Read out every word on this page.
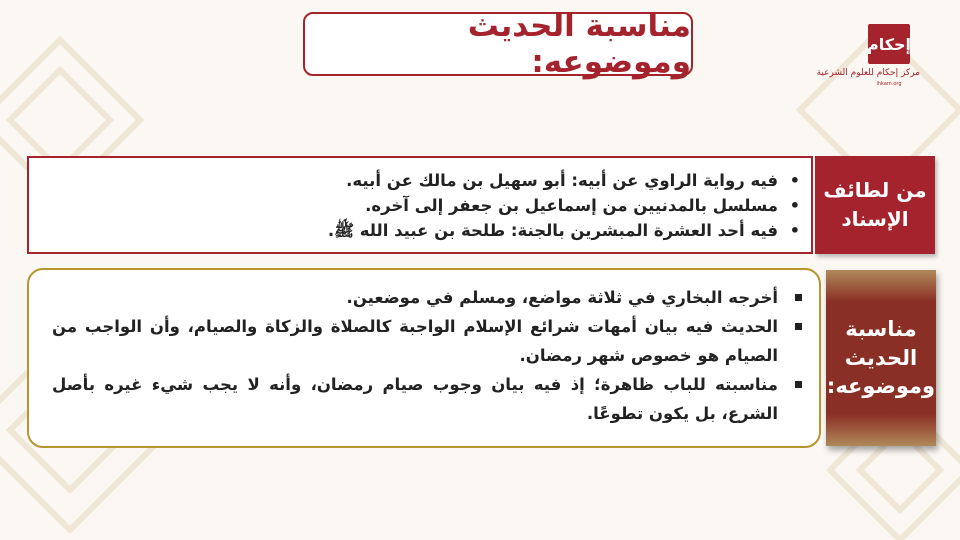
مناسبة الحديث وموضوعه:	إحكام
مركز إحكام للعلوم الشرعية
ihkam.org
• فيه رواية الراوي عن أبيه: أبو سهيل بن مالك عن أبيه.
• مسلسل بالمدنيين من إسماعيل بن جعفر إلى آخره.
• فيه أحد العشرة المبشرين بالجنة: طلحة بن عبيد الله ﷺ.
من لطائف
الإسناد
أخرجه البخاري في ثلاثة مواضع، ومسلم في موضعين.
الحديث فيه بيان أمهات شرائع الإسلام الواجبة كالصلاة والزكاة والصيام، وأن الواجب من الصيام هو خصوص شهر رمضان.
مناسبته للباب ظاهرة؛ إذ فيه بيان وجوب صيام رمضان، وأنه لا يجب شيء غيره بأصل الشرع، بل يكون تطوعًا.
مناسبة
الحديث
وموضوعه:
